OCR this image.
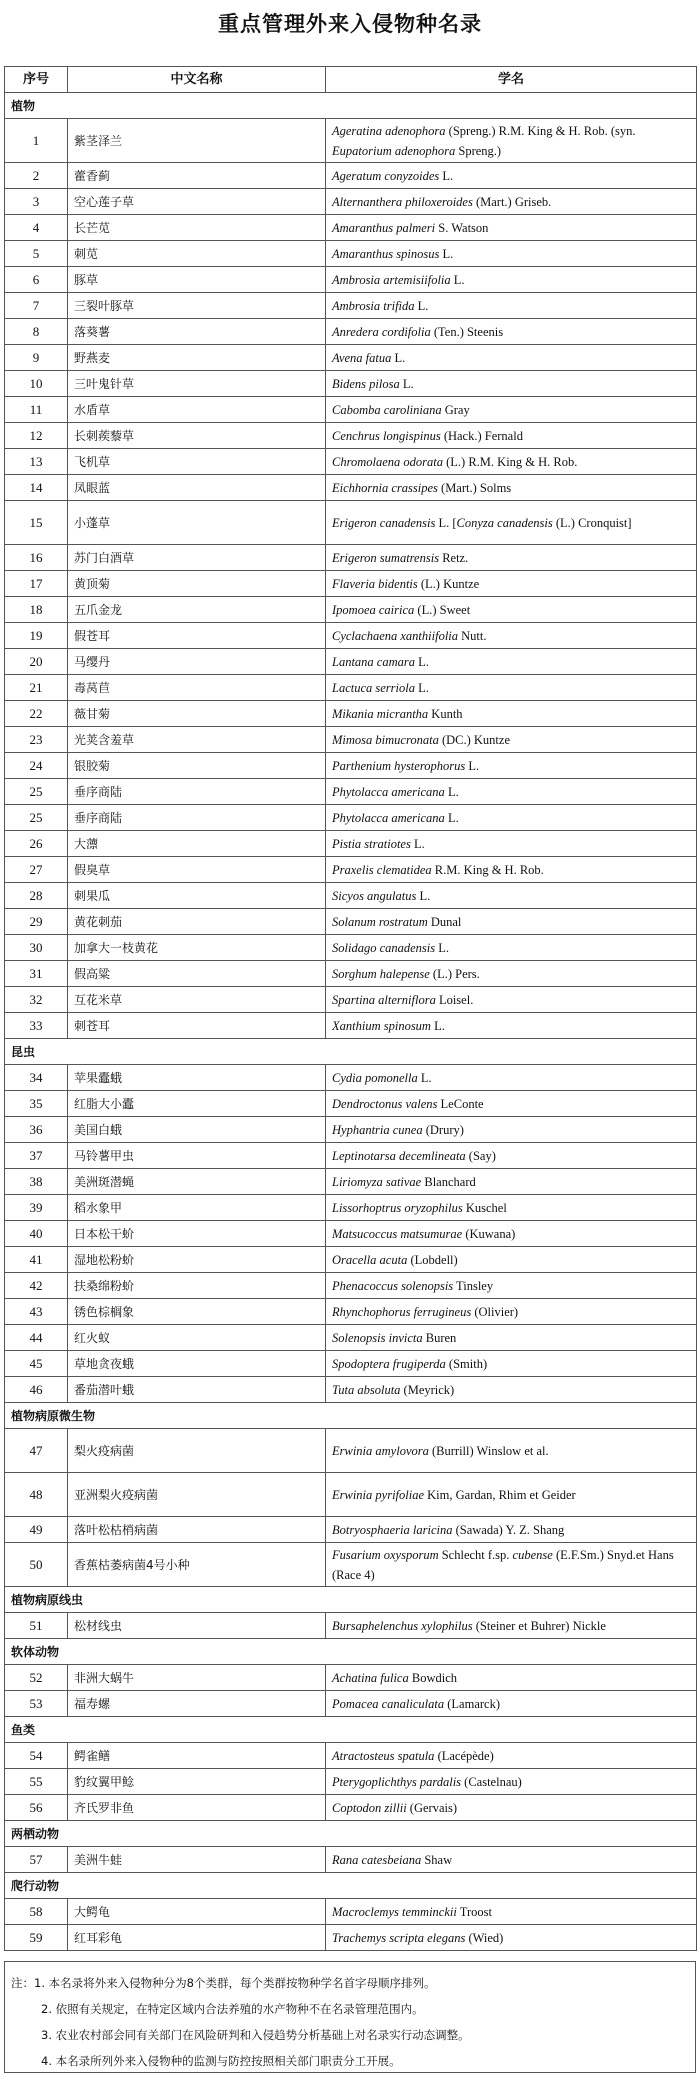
重点管理外来入侵物种名录
序号	中文名称	学名
植物		
1	紫茎泽兰	Ageratina adenophora (Spreng.) R.M. King & H. Rob. (syn. Eupatorium adenophora Spreng.)
2	藿香蓟	Ageratum conyzoides L.
3	空心莲子草	Alternanthera philoxeroides (Mart.) Griseb.
4	长芒苋	Amaranthus palmeri S. Watson
5	刺苋	Amaranthus spinosus L.
6	豚草	Ambrosia artemisiifolia L.
7	三裂叶豚草	Ambrosia trifida L.
8	落葵薯	Anredera cordifolia (Ten.) Steenis
9	野燕麦	Avena fatua L.
10	三叶鬼针草	Bidens pilosa L.
11	水盾草	Cabomba caroliniana Gray
12	长刺蒺藜草	Cenchrus longispinus (Hack.) Fernald
13	飞机草	Chromolaena odorata (L.) R.M. King & H. Rob.
14	凤眼蓝	Eichhornia crassipes (Mart.) Solms
15	小蓬草	Erigeron canadensis L. [Conyza canadensis (L.) Cronquist]
16	苏门白酒草	Erigeron sumatrensis Retz.
17	黄顶菊	Flaveria bidentis (L.) Kuntze
18	五爪金龙	Ipomoea cairica (L.) Sweet
19	假苍耳	Cyclachaena xanthiifolia Nutt.
20	马缨丹	Lantana camara L.
21	毒莴苣	Lactuca serriola L.
22	薇甘菊	Mikania micrantha Kunth
23	光荚含羞草	Mimosa bimucronata (DC.) Kuntze
24	银胶菊	Parthenium hysterophorus L.
25	垂序商陆	Phytolacca americana L.
25	垂序商陆	Phytolacca americana L.
26	大薸	Pistia stratiotes L.
27	假臭草	Praxelis clematidea R.M. King & H. Rob.
28	刺果瓜	Sicyos angulatus L.
29	黄花刺茄	Solanum rostratum Dunal
30	加拿大一枝黄花	Solidago canadensis L.
31	假高粱	Sorghum halepense (L.) Pers.
32	互花米草	Spartina alterniflora Loisel.
33	刺苍耳	Xanthium spinosum L.
昆虫		
34	苹果蠹蛾	Cydia pomonella L.
35	红脂大小蠹	Dendroctonus valens LeConte
36	美国白蛾	Hyphantria cunea (Drury)
37	马铃薯甲虫	Leptinotarsa decemlineata (Say)
38	美洲斑潜蝇	Liriomyza sativae Blanchard
39	稻水象甲	Lissorhoptrus oryzophilus Kuschel
40	日本松干蚧	Matsucoccus matsumurae (Kuwana)
41	湿地松粉蚧	Oracella acuta (Lobdell)
42	扶桑绵粉蚧	Phenacoccus solenopsis Tinsley
43	锈色棕榈象	Rhynchophorus ferrugineus (Olivier)
44	红火蚁	Solenopsis invicta Buren
45	草地贪夜蛾	Spodoptera frugiperda (Smith)
46	番茄潜叶蛾	Tuta absoluta (Meyrick)
植物病原微生物		
47	梨火疫病菌	Erwinia amylovora (Burrill) Winslow et al.
48	亚洲梨火疫病菌	Erwinia pyrifoliae Kim, Gardan, Rhim et Geider
49	落叶松枯梢病菌	Botryosphaeria laricina (Sawada) Y. Z. Shang
50	香蕉枯萎病菌4号小种	Fusarium oxysporum Schlecht f.sp. cubense (E.F.Sm.) Snyd.et Hans (Race 4)
植物病原线虫		
51	松材线虫	Bursaphelenchus xylophilus (Steiner et Buhrer) Nickle
软体动物		
52	非洲大蜗牛	Achatina fulica Bowdich
53	福寿螺	Pomacea canaliculata (Lamarck)
鱼类		
54	鳄雀鳝	Atractosteus spatula (Lacépède)
55	豹纹翼甲鲶	Pterygoplichthys pardalis (Castelnau)
56	齐氏罗非鱼	Coptodon zillii (Gervais)
两栖动物		
57	美洲牛蛙	Rana catesbeiana Shaw
爬行动物		
58	大鳄龟	Macroclemys temminckii Troost
59	红耳彩龟	Trachemys scripta elegans (Wied)
注：1. 本名录将外来入侵物种分为8个类群，每个类群按物种学名首字母顺序排列。
2. 依照有关规定，在特定区域内合法养殖的水产物种不在名录管理范围内。
3. 农业农村部会同有关部门在风险研判和入侵趋势分析基础上对名录实行动态调整。
4. 本名录所列外来入侵物种的监测与防控按照相关部门职责分工开展。
